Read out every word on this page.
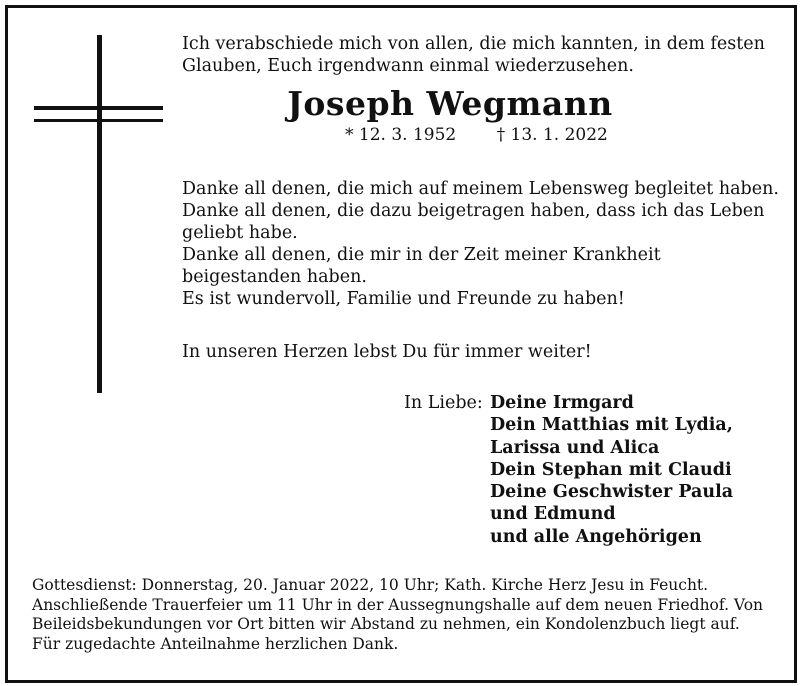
Ich verabschiede mich von allen, die mich kannten, in dem festen
Glauben, Euch irgendwann einmal wiederzusehen.
Joseph Wegmann
* 12. 3. 1952 † 13. 1. 2022
Danke all denen, die mich auf meinem Lebensweg begleitet haben.
Danke all denen, die dazu beigetragen haben, dass ich das Leben
geliebt habe.
Danke all denen, die mir in der Zeit meiner Krankheit
beigestanden haben.
Es ist wundervoll, Familie und Freunde zu haben!
In unseren Herzen lebst Du für immer weiter!
In Liebe: Deine Irmgard
Dein Matthias mit Lydia,
Larissa und Alica
Dein Stephan mit Claudi
Deine Geschwister Paula
und Edmund
und alle Angehörigen
Gottesdienst: Donnerstag, 20. Januar 2022, 10 Uhr; Kath. Kirche Herz Jesu in Feucht.
Anschließende Trauerfeier um 11 Uhr in der Aussegnungshalle auf dem neuen Friedhof. Von
Beileidsbekundungen vor Ort bitten wir Abstand zu nehmen, ein Kondolenzbuch liegt auf.
Für zugedachte Anteilnahme herzlichen Dank.
